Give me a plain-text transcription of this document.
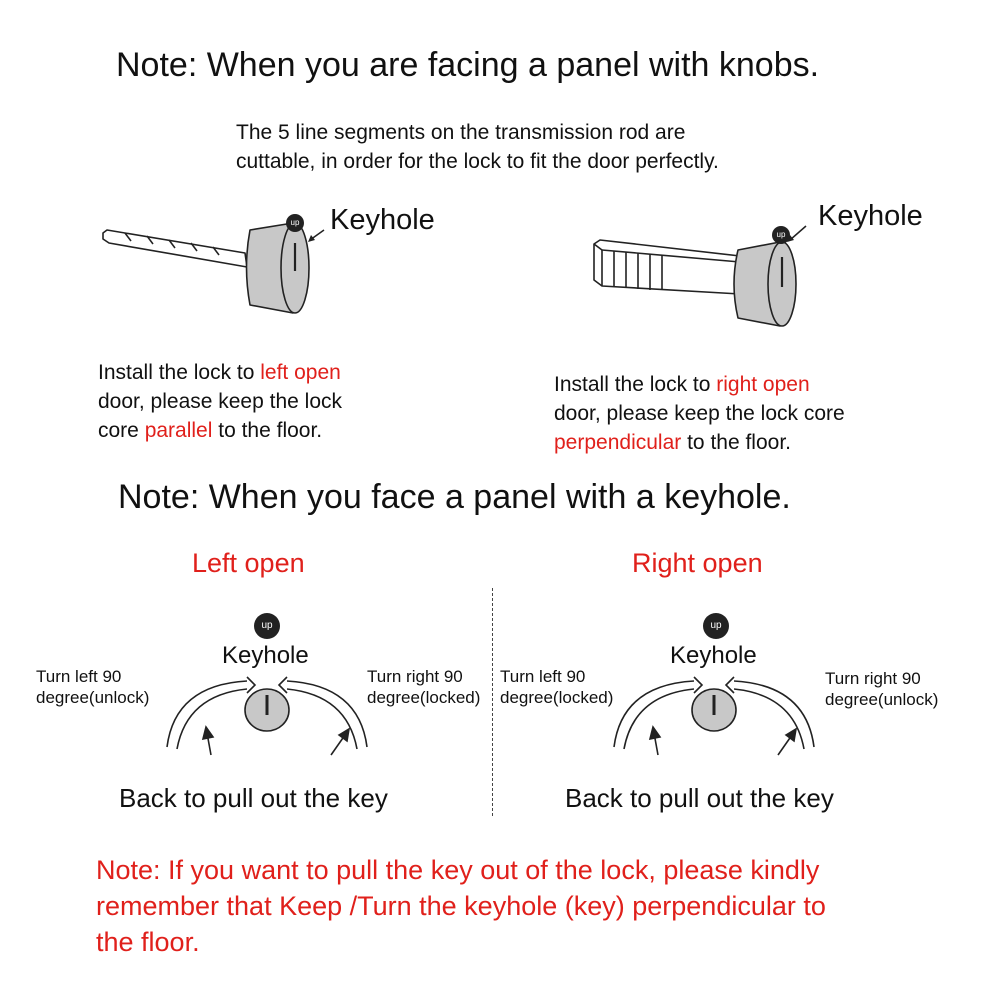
Note: When you are facing a panel with knobs.
The 5 line segments on the transmission rod are
cuttable, in order for the lock to fit the door perfectly.
up Keyhole	up
Keyhole
Install the lock to left open
door, please keep the lock
core parallel to the floor.
Install the lock to right open
door, please keep the lock core
perpendicular to the floor.
Note: When you face a panel with a keyhole.
Left open
up
Keyhole
Turn left 90
degree(unlock)
Turn right 90
degree(locked)
Back to pull out the key
Right open
up
Keyhole
Turn left 90
degree(locked)
Turn right 90
degree(unlock)
Back to pull out the key
Note: If you want to pull the key out of the lock, please kindly
remember that Keep /Turn the keyhole (key) perpendicular to
the floor.
